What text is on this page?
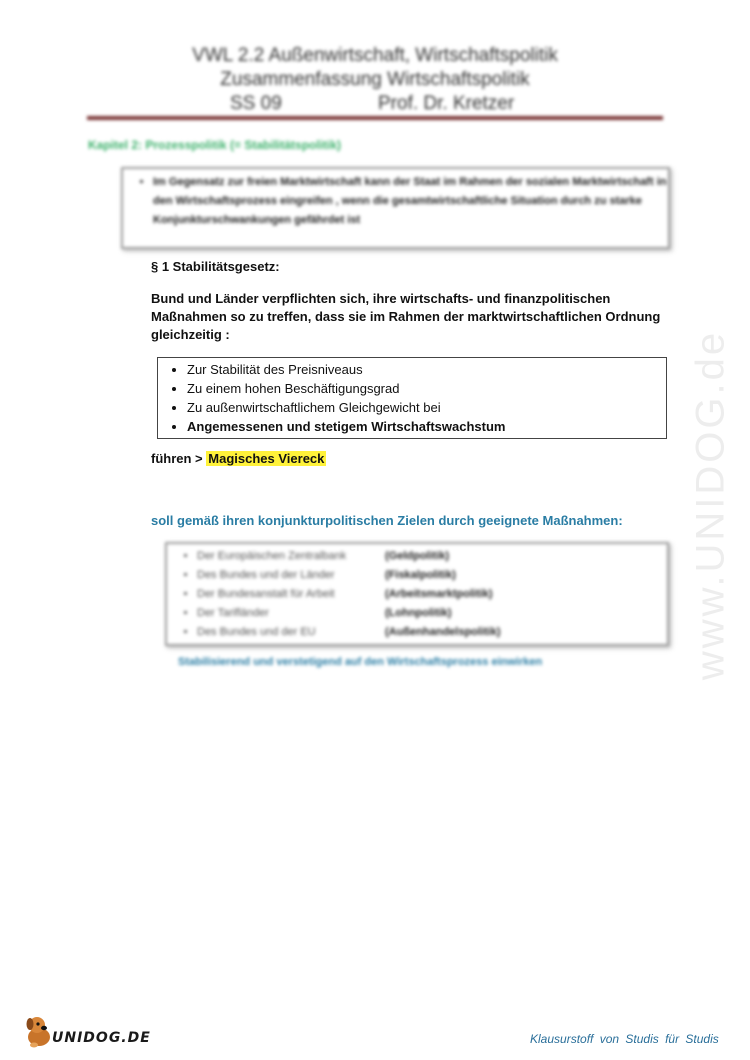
VWL 2.2 Außenwirtschaft, Wirtschaftspolitik
Zusammenfassung Wirtschaftspolitik
SS 09	Prof. Dr. Kretzer
Kapitel 2: Prozesspolitik (= Stabilitätspolitik)
• Im Gegensatz zur freien Marktwirtschaft kann der Staat im Rahmen der sozialen Marktwirtschaft in den Wirtschaftsprozess eingreifen , wenn die gesamtwirtschaftliche Situation durch zu starke Konjunkturschwankungen gefährdet ist
§ 1 Stabilitätsgesetz:
Bund und Länder verpflichten sich, ihre wirtschafts- und finanzpolitischen Maßnahmen so zu treffen, dass sie im Rahmen der marktwirtschaftlichen Ordnung gleichzeitig :
• Zur Stabilität des Preisniveaus
• Zu einem hohen Beschäftigungsgrad
• Zu außenwirtschaftlichem Gleichgewicht bei
• Angemessenen und stetigem Wirtschaftswachstum
führen > Magisches Viereck
soll gemäß ihren konjunkturpolitischen Zielen durch geeignete Maßnahmen:
• Der Europäischen Zentralbank	(Geldpolitik)
• Des Bundes und der Länder	(Fiskalpolitik)
• Der Bundesanstalt für Arbeit	(Arbeitsmarktpolitik)
• Der Tarifländer	(Lohnpolitik)
• Des Bundes und der EU	(Außenhandelspolitik)
Stabilisierend und verstetigend auf den Wirtschaftsprozess einwirken	www.UNIDOG.de
UNIDOG.DE	Klausurstoff von Studis für Studis
